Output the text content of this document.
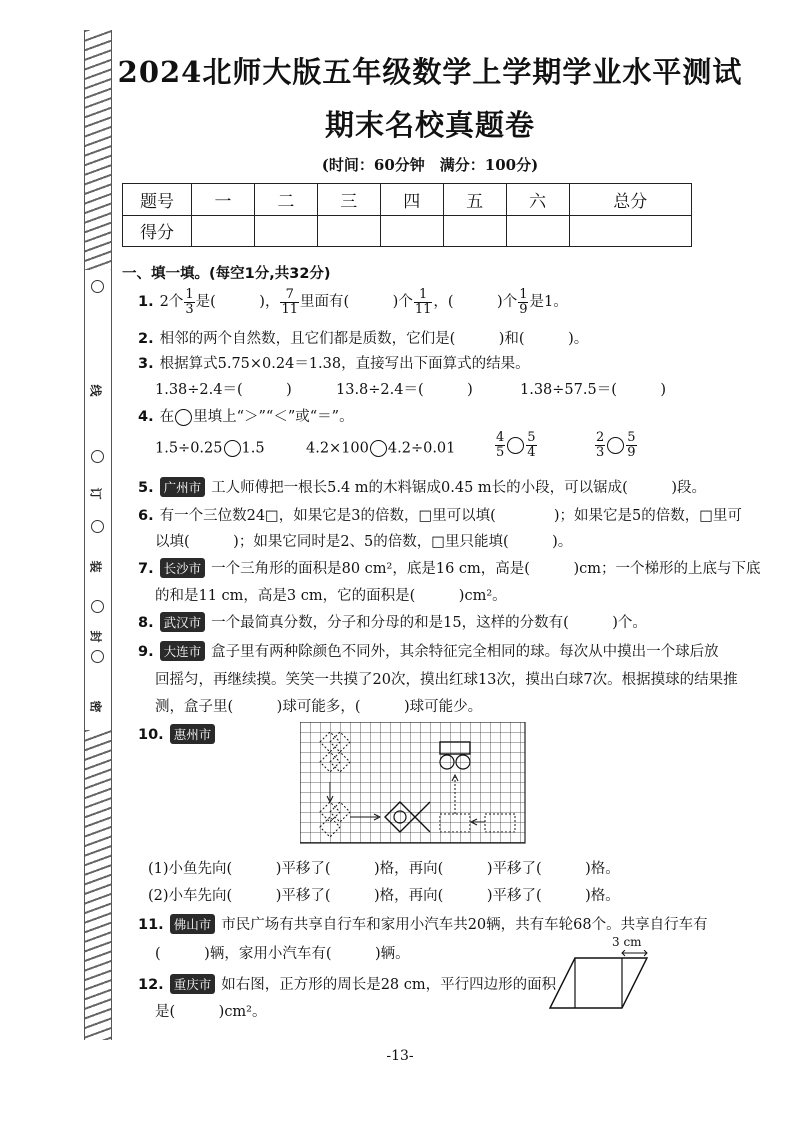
线
订
装
封
密
2024北师大版五年级数学上学期学业水平测试
期末名校真题卷
(时间：60分钟　满分：100分)
题号	一	二	三	四	五	六	总分
得分							
一、填一填。(每空1分,共32分)
1. 2个 $\frac{1}{3}$ 是(　　　)， $\frac{7}{11}$ 里面有(　　　)个 $\frac{1}{11}$ ，(　　　)个 $\frac{1}{9}$ 是1。
2. 相邻的两个自然数，且它们都是质数，它们是(　　　)和(　　　)。
3. 根据算式5.75×0.24＝1.38，直接写出下面算式的结果。
1.38÷2.4＝(　　　)	13.8÷2.4＝(　　　)	1.38÷57.5＝(　　　)
4. 在 里填上“＞”“＜”或“＝”。
1.5÷0.25 1.5	4.2×100 4.2÷0.01	$\frac{4}{5} \frac{5}{4}$	$\frac{2}{3} \frac{5}{9}$
5. 广州市 工人师傅把一根长5.4 m的木料锯成0.45 m长的小段，可以锯成(　　　)段。
6. 有一个三位数24□，如果它是3的倍数，□里可以填(　　　　)；如果它是5的倍数，□里可
以填(　　　)；如果它同时是2、5的倍数，□里只能填(　　　)。
7. 长沙市 一个三角形的面积是80 cm²，底是16 cm，高是(　　　)cm；一个梯形的上底与下底
的和是11 cm，高是3 cm，它的面积是(　　　)cm²。
8. 武汉市 一个最简真分数，分子和分母的和是15，这样的分数有(　　　)个。
9. 大连市 盒子里有两种除颜色不同外，其余特征完全相同的球。每次从中摸出一个球后放
回摇匀，再继续摸。笑笑一共摸了20次，摸出红球13次，摸出白球7次。根据摸球的结果推
测，盒子里(　　　)球可能多，(　　　)球可能少。
10. 惠州市
(1)小鱼先向(　　　)平移了(　　　)格，再向(　　　)平移了(　　　)格。
(2)小车先向(　　　)平移了(　　　)格，再向(　　　)平移了(　　　)格。
11. 佛山市 市民广场有共享自行车和家用小汽车共20辆，共有车轮68个。共享自行车有
(　　　)辆，家用小汽车有(　　　)辆。
12. 重庆市 如右图，正方形的周长是28 cm，平行四边形的面积
是(　　　)cm²。
3 cm
-13-
